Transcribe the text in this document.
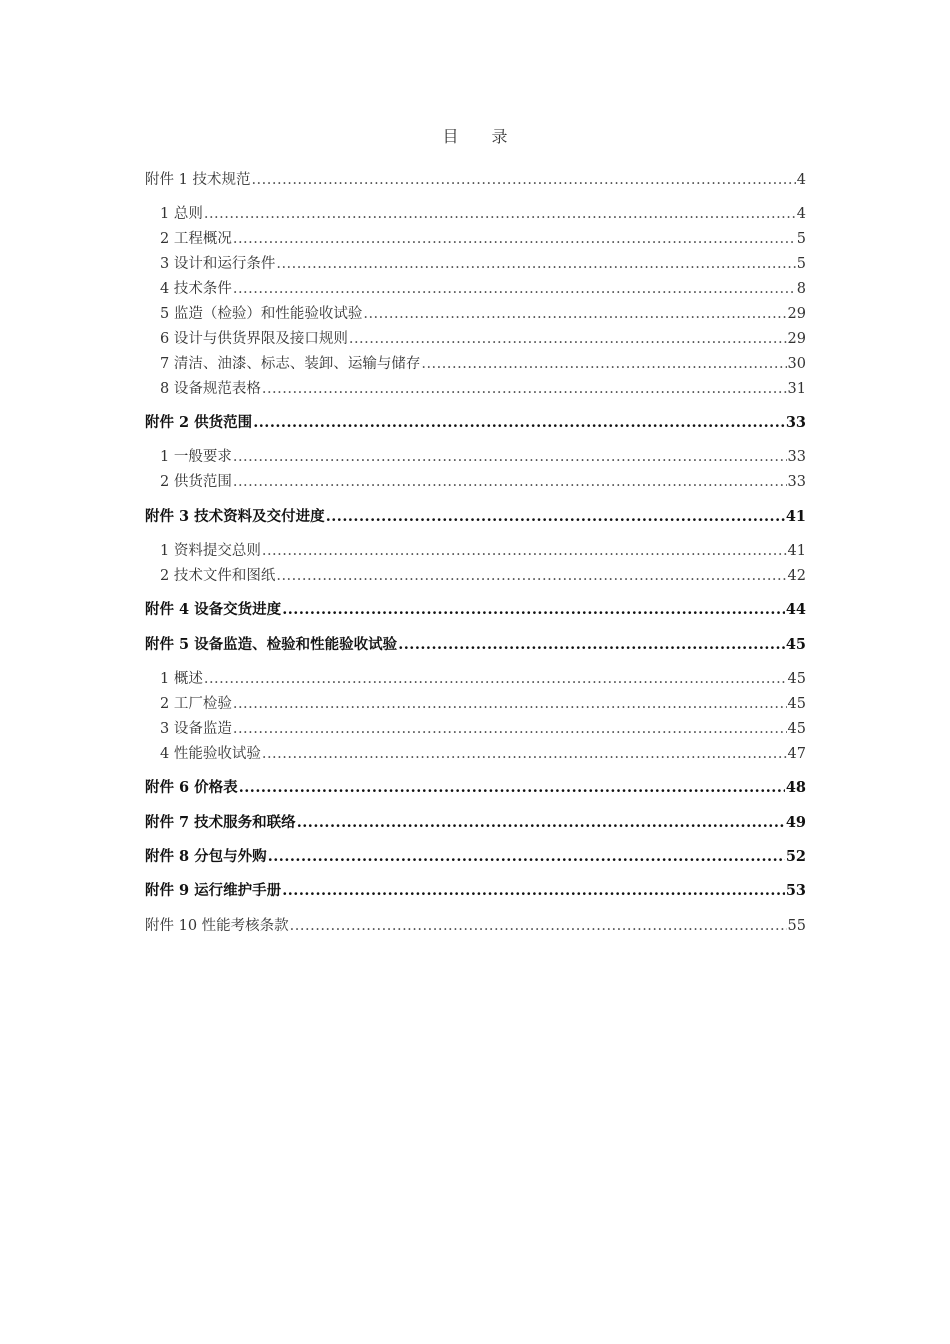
目 录
附件 1 技术规范 .....	4
1 总则 .....	4
2 工程概况 .....	5
3 设计和运行条件 .....	5
4 技术条件 .....	8
5 监造（检验）和性能验收试验 .....	29
6 设计与供货界限及接口规则 .....	29
7 清洁、油漆、标志、装卸、运输与储存 .....	30
8 设备规范表格 .....	31
附件 2 供货范围 .....	33
1 一般要求 .....	33
2 供货范围 .....	33
附件 3 技术资料及交付进度 .....	41
1 资料提交总则 .....	41
2 技术文件和图纸 .....	42
附件 4 设备交货进度 .....	44
附件 5 设备监造、检验和性能验收试验 .....	45
1 概述 .....	45
2 工厂检验 .....	45
3 设备监造 .....	45
4 性能验收试验 .....	47
附件 6 价格表 .....	48
附件 7 技术服务和联络 .....	49
附件 8 分包与外购 .....	52
附件 9 运行维护手册 .....	53
附件 10 性能考核条款 .....	55
